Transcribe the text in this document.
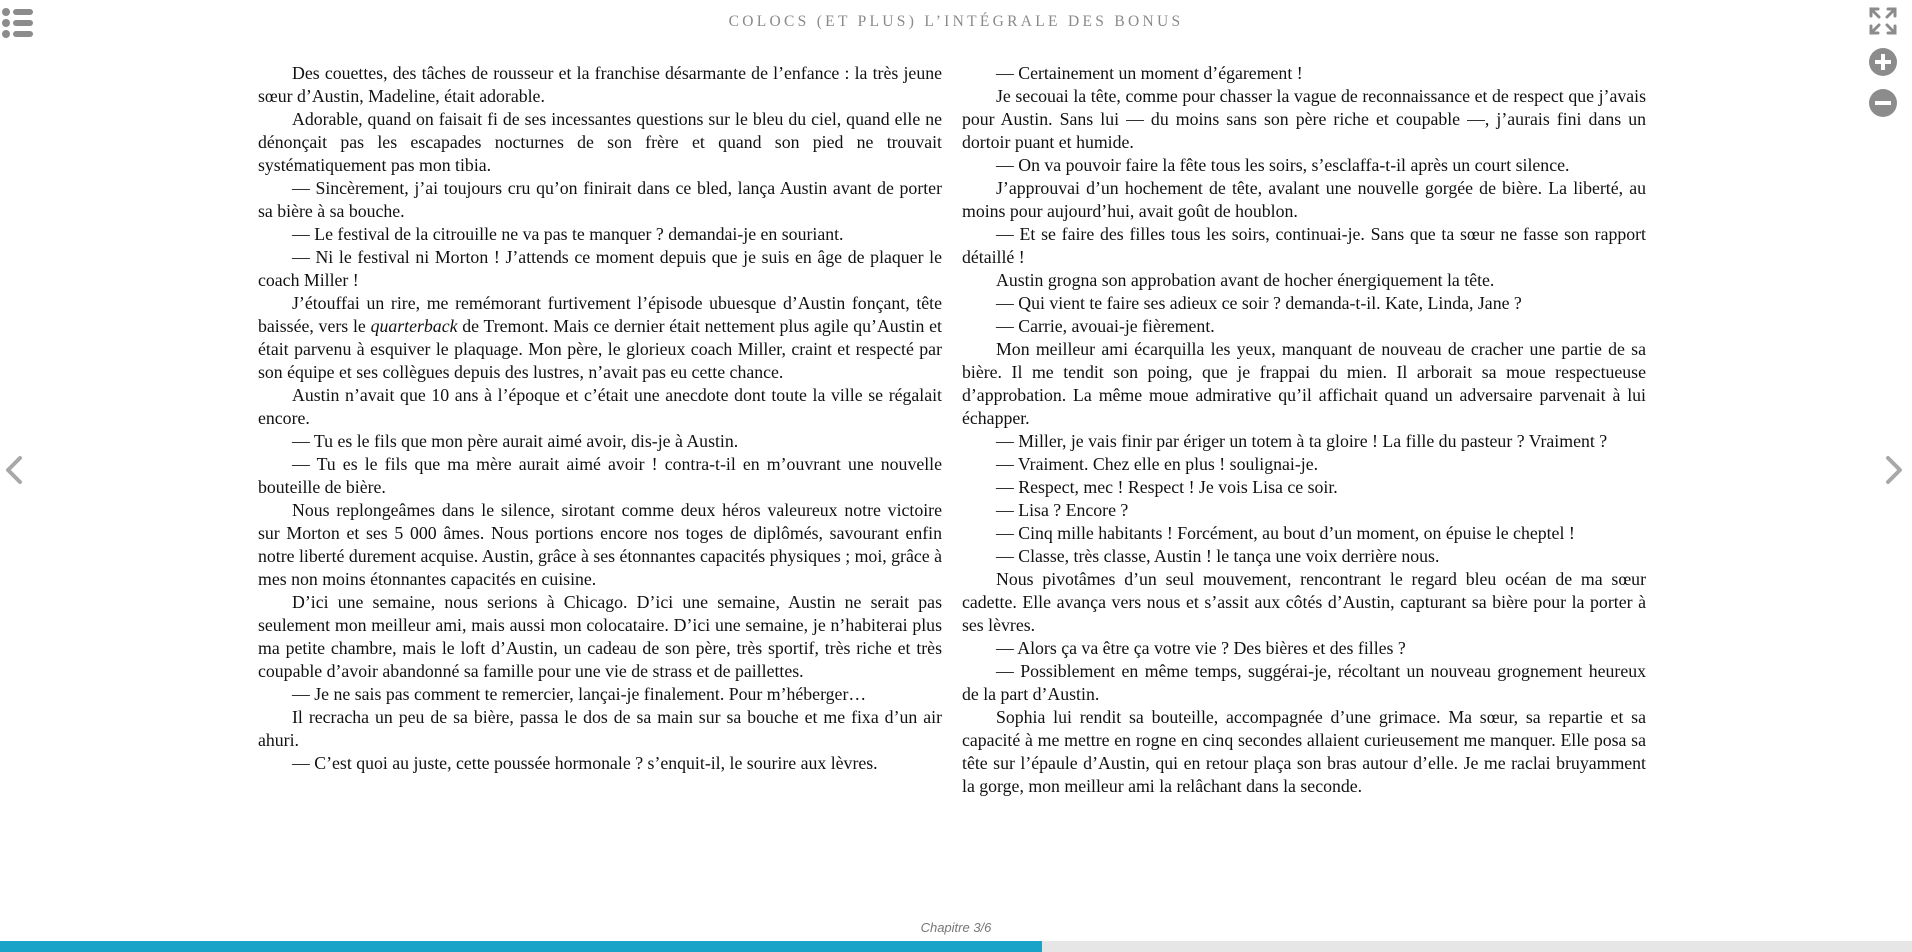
COLOCS (ET PLUS) L’INTÉGRALE DES BONUS

Des couettes, des tâches de rousseur et la franchise désarmante de l’enfance : la très jeune sœur d’Austin, Madeline, était adorable.

Adorable, quand on faisait fi de ses incessantes questions sur le bleu du ciel, quand elle ne dénonçait pas les escapades nocturnes de son frère et quand son pied ne trouvait systématiquement pas mon tibia.

— Sincèrement, j’ai toujours cru qu’on finirait dans ce bled, lança Austin avant de porter sa bière à sa bouche.

— Le festival de la citrouille ne va pas te manquer ? demandai-je en souriant.

— Ni le festival ni Morton ! J’attends ce moment depuis que je suis en âge de plaquer le coach Miller !

J’étouffai un rire, me remémorant furtivement l’épisode ubuesque d’Austin fonçant, tête baissée, vers le quarterback de Tremont. Mais ce dernier était nettement plus agile qu’Austin et était parvenu à esquiver le plaquage. Mon père, le glorieux coach Miller, craint et respecté par son équipe et ses collègues depuis des lustres, n’avait pas eu cette chance.

Austin n’avait que 10 ans à l’époque et c’était une anecdote dont toute la ville se régalait encore.

— Tu es le fils que mon père aurait aimé avoir, dis-je à Austin.

— Tu es le fils que ma mère aurait aimé avoir ! contra-t-il en m’ouvrant une nouvelle bouteille de bière.

Nous replongeâmes dans le silence, sirotant comme deux héros valeureux notre victoire sur Morton et ses 5 000 âmes. Nous portions encore nos toges de diplômés, savourant enfin notre liberté durement acquise. Austin, grâce à ses étonnantes capacités physiques ; moi, grâce à mes non moins étonnantes capacités en cuisine.

D’ici une semaine, nous serions à Chicago. D’ici une semaine, Austin ne serait pas seulement mon meilleur ami, mais aussi mon colocataire. D’ici une semaine, je n’habiterai plus ma petite chambre, mais le loft d’Austin, un cadeau de son père, très sportif, très riche et très coupable d’avoir abandonné sa famille pour une vie de strass et de paillettes.

— Je ne sais pas comment te remercier, lançai-je finalement. Pour m’héberger…

Il recracha un peu de sa bière, passa le dos de sa main sur sa bouche et me fixa d’un air ahuri.

— C’est quoi au juste, cette poussée hormonale ? s’enquit-il, le sourire aux lèvres.

— Certainement un moment d’égarement !

Je secouai la tête, comme pour chasser la vague de reconnaissance et de respect que j’avais pour Austin. Sans lui — du moins sans son père riche et coupable —, j’aurais fini dans un dortoir puant et humide.

— On va pouvoir faire la fête tous les soirs, s’esclaffa-t-il après un court silence.

J’approuvai d’un hochement de tête, avalant une nouvelle gorgée de bière. La liberté, au moins pour aujourd’hui, avait goût de houblon.

— Et se faire des filles tous les soirs, continuai-je. Sans que ta sœur ne fasse son rapport détaillé !

Austin grogna son approbation avant de hocher énergiquement la tête.

— Qui vient te faire ses adieux ce soir ? demanda-t-il. Kate, Linda, Jane ?

— Carrie, avouai-je fièrement.

Mon meilleur ami écarquilla les yeux, manquant de nouveau de cracher une partie de sa bière. Il me tendit son poing, que je frappai du mien. Il arborait sa moue respectueuse d’approbation. La même moue admirative qu’il affichait quand un adversaire parvenait à lui échapper.

— Miller, je vais finir par ériger un totem à ta gloire ! La fille du pasteur ? Vraiment ?

— Vraiment. Chez elle en plus ! soulignai-je.

— Respect, mec ! Respect ! Je vois Lisa ce soir.

— Lisa ? Encore ?

— Cinq mille habitants ! Forcément, au bout d’un moment, on épuise le cheptel !

— Classe, très classe, Austin ! le tança une voix derrière nous.

Nous pivotâmes d’un seul mouvement, rencontrant le regard bleu océan de ma sœur cadette. Elle avança vers nous et s’assit aux côtés d’Austin, capturant sa bière pour la porter à ses lèvres.

— Alors ça va être ça votre vie ? Des bières et des filles ?

— Possiblement en même temps, suggérai-je, récoltant un nouveau grognement heureux de la part d’Austin.

Sophia lui rendit sa bouteille, accompagnée d’une grimace. Ma sœur, sa repartie et sa capacité à me mettre en rogne en cinq secondes allaient curieusement me manquer. Elle posa sa tête sur l’épaule d’Austin, qui en retour plaça son bras autour d’elle. Je me raclai bruyamment la gorge, mon meilleur ami la relâchant dans la seconde.

Chapitre 3/6
